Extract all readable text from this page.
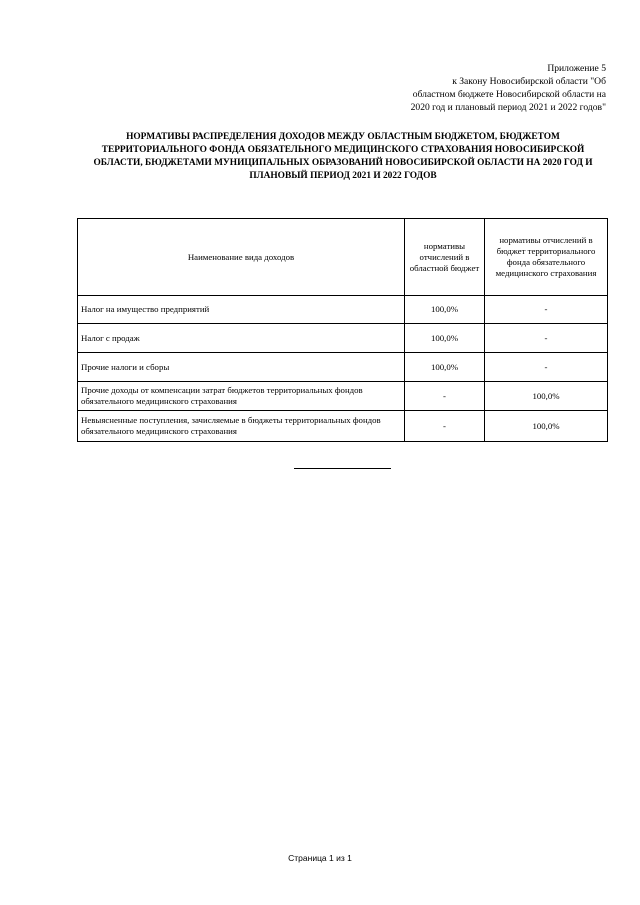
Приложение 5
к Закону Новосибирской области "Об
областном бюджете Новосибирской области на
2020 год и плановый период 2021 и 2022 годов"
НОРМАТИВЫ РАСПРЕДЕЛЕНИЯ ДОХОДОВ МЕЖДУ ОБЛАСТНЫМ БЮДЖЕТОМ, БЮДЖЕТОМ
ТЕРРИТОРИАЛЬНОГО ФОНДА ОБЯЗАТЕЛЬНОГО МЕДИЦИНСКОГО СТРАХОВАНИЯ НОВОСИБИРСКОЙ
ОБЛАСТИ, БЮДЖЕТАМИ МУНИЦИПАЛЬНЫХ ОБРАЗОВАНИЙ НОВОСИБИРСКОЙ ОБЛАСТИ НА 2020 ГОД И
ПЛАНОВЫЙ ПЕРИОД 2021 И 2022 ГОДОВ
Наименование вида доходов	нормативы отчислений в областной бюджет	нормативы отчислений в бюджет территориального фонда обязательного медицинского страхования
Налог на имущество предприятий	100,0%	-
Налог с продаж	100,0%	-
Прочие налоги и сборы	100,0%	-
Прочие доходы от компенсации затрат бюджетов территориальных фондов обязательного медицинского страхования	-	100,0%
Невыясненные поступления, зачисляемые в бюджеты территориальных фондов обязательного медицинского страхования	-	100,0%
Страница 1 из 1
